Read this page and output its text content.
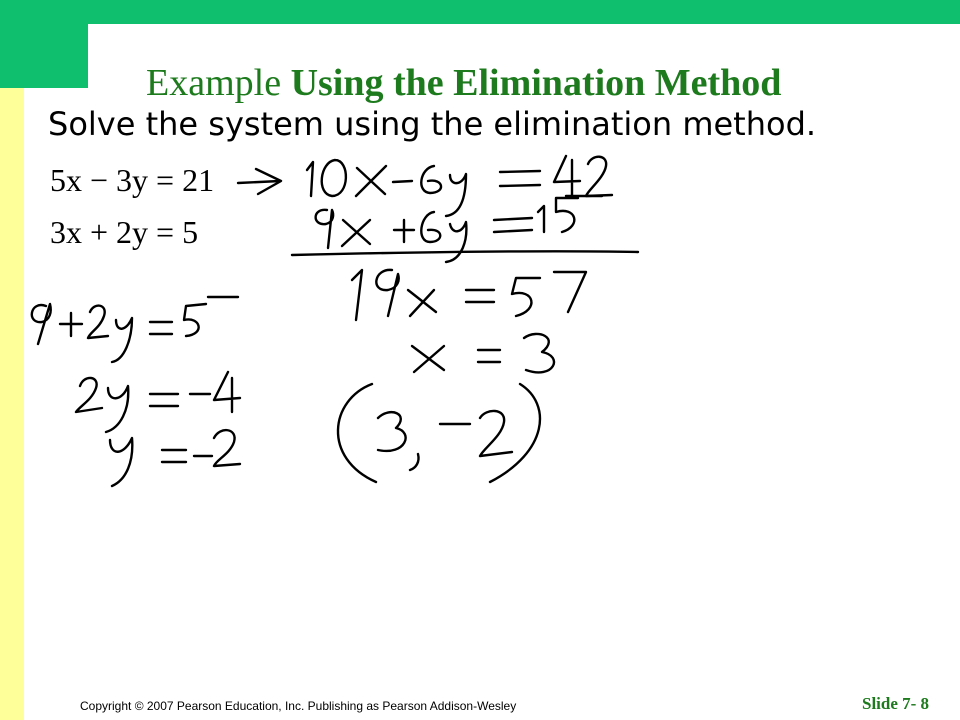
Example Using the Elimination Method
Solve the system using the elimination method.
5x − 3y = 21
3x + 2y = 5
Copyright © 2007 Pearson Education, Inc. Publishing as Pearson Addison-Wesley	Slide 7- 8
